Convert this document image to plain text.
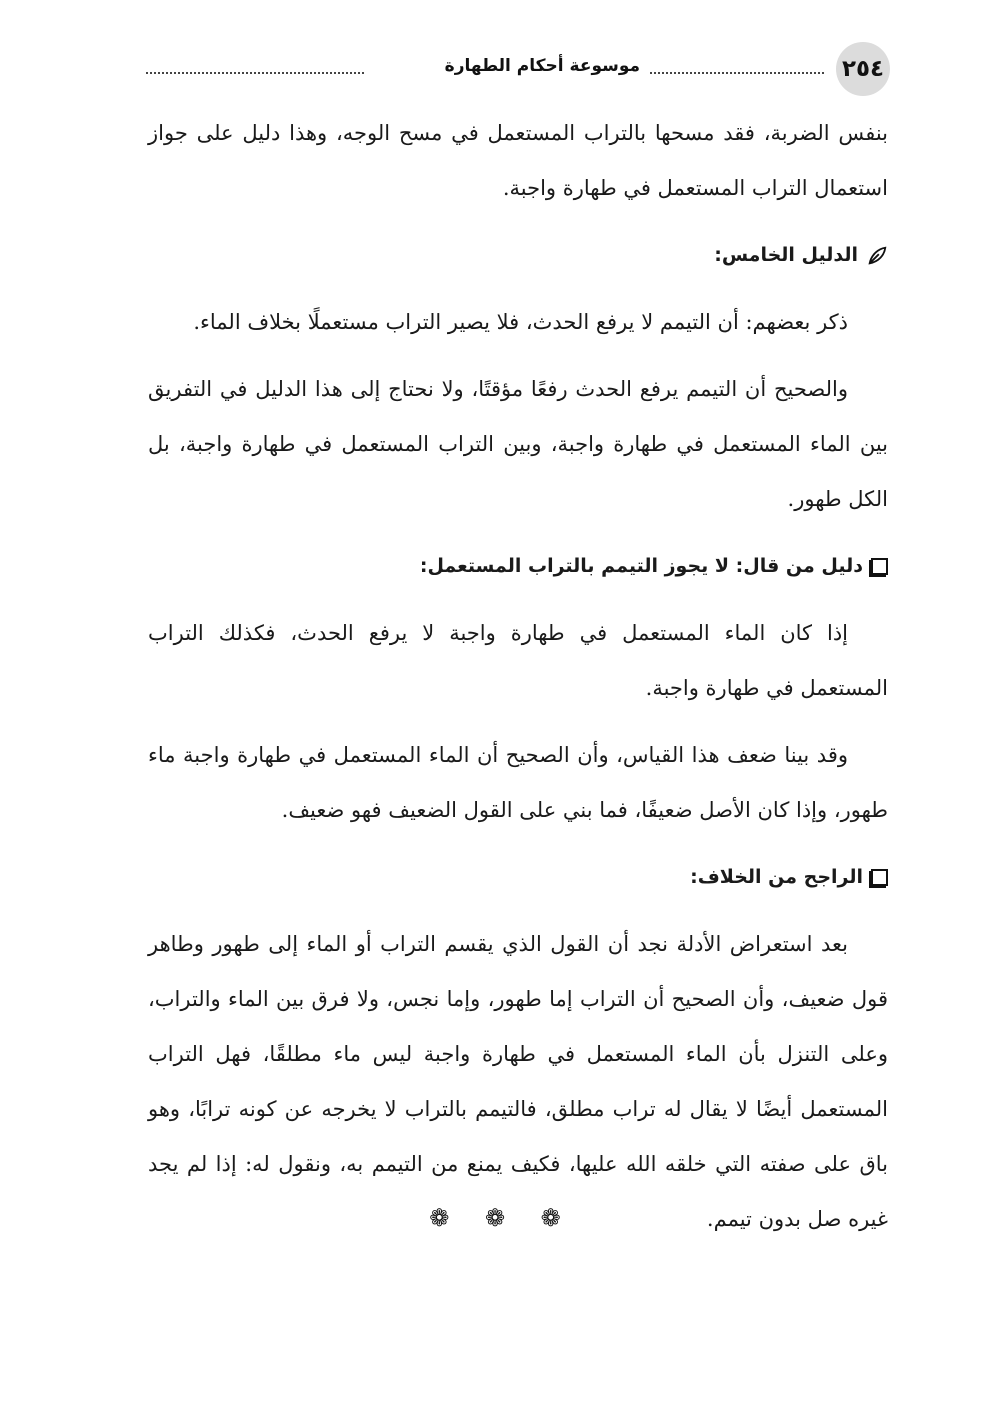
٢٥٤
موسوعة أحكام الطهارة

بنفس الضربة، فقد مسحها بالتراب المستعمل في مسح الوجه، وهذا دليل على جواز استعمال التراب المستعمل في طهارة واجبة.

الدليل الخامس:

ذكر بعضهم: أن التيمم لا يرفع الحدث، فلا يصير التراب مستعملًا بخلاف الماء.

والصحيح أن التيمم يرفع الحدث رفعًا مؤقتًا، ولا نحتاج إلى هذا الدليل في التفريق بين الماء المستعمل في طهارة واجبة، وبين التراب المستعمل في طهارة واجبة، بل الكل طهور.

دليل من قال: لا يجوز التيمم بالتراب المستعمل:

إذا كان الماء المستعمل في طهارة واجبة لا يرفع الحدث، فكذلك التراب المستعمل في طهارة واجبة.

وقد بينا ضعف هذا القياس، وأن الصحيح أن الماء المستعمل في طهارة واجبة ماء طهور، وإذا كان الأصل ضعيفًا، فما بني على القول الضعيف فهو ضعيف.

الراجح من الخلاف:

بعد استعراض الأدلة نجد أن القول الذي يقسم التراب أو الماء إلى طهور وطاهر قول ضعيف، وأن الصحيح أن التراب إما طهور، وإما نجس، ولا فرق بين الماء والتراب، وعلى التنزل بأن الماء المستعمل في طهارة واجبة ليس ماء مطلقًا، فهل التراب المستعمل أيضًا لا يقال له تراب مطلق، فالتيمم بالتراب لا يخرجه عن كونه ترابًا، وهو باق على صفته التي خلقه الله عليها، فكيف يمنع من التيمم به، ونقول له: إذا لم يجد غيره صل بدون تيمم.

❁ ❁ ❁
